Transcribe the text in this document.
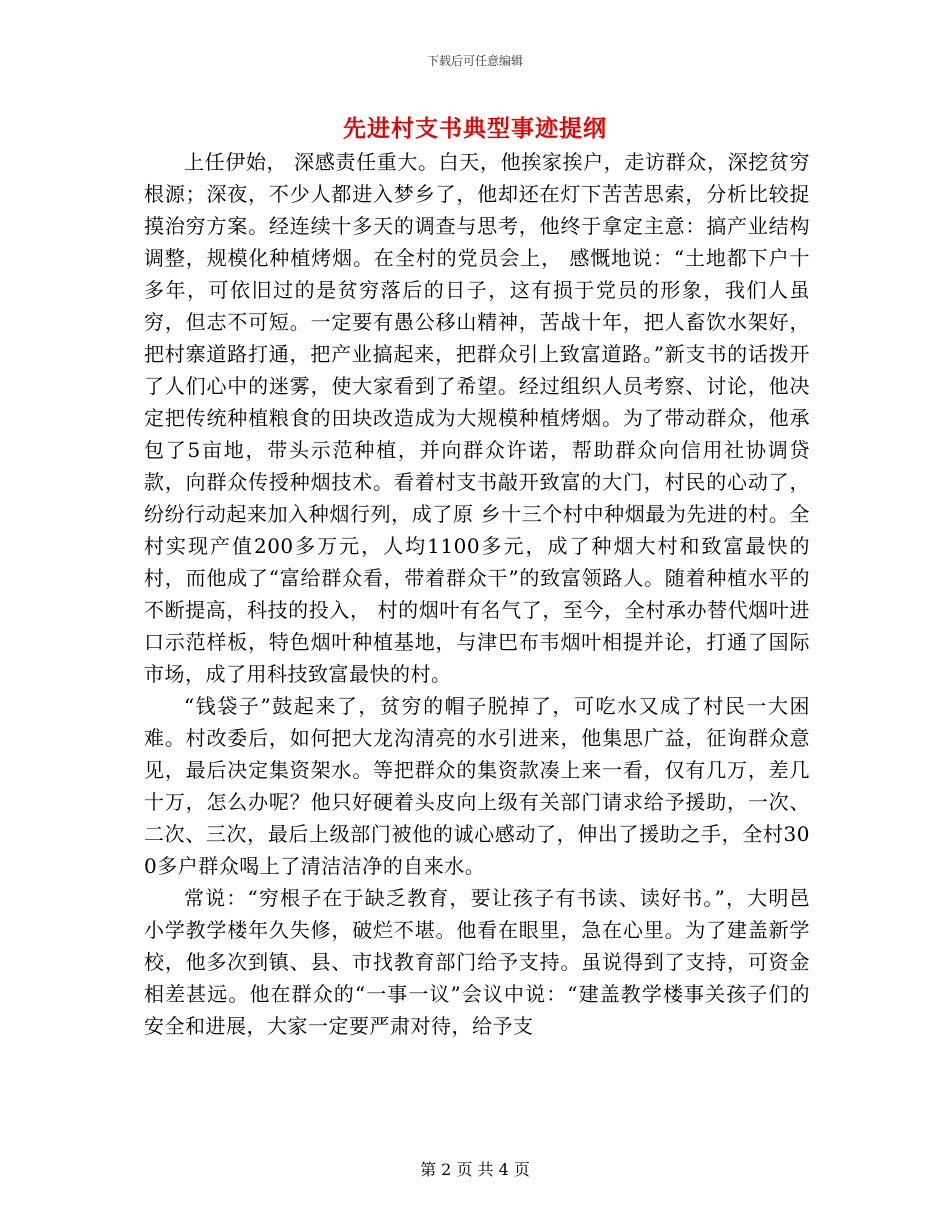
下载后可任意编辑
先进村支书典型事迹提纲

上任伊始， 深感责任重大。白天，他挨家挨户，走访群众，深挖贫穷根源；深夜，不少人都进入梦乡了，他却还在灯下苦苦思索，分析比较捉摸治穷方案。经连续十多天的调查与思考，他终于拿定主意：搞产业结构调整，规模化种植烤烟。在全村的党员会上， 感慨地说：“土地都下户十多年，可依旧过的是贫穷落后的日子，这有损于党员的形象，我们人虽穷，但志不可短。一定要有愚公移山精神，苦战十年，把人畜饮水架好，把村寨道路打通，把产业搞起来，把群众引上致富道路。”新支书的话拨开了人们心中的迷雾，使大家看到了希望。经过组织人员考察、讨论，他决定把传统种植粮食的田块改造成为大规模种植烤烟。为了带动群众，他承包了5亩地，带头示范种植，并向群众许诺，帮助群众向信用社协调贷款，向群众传授种烟技术。看着村支书敲开致富的大门，村民的心动了，纷纷行动起来加入种烟行列，成了原 乡十三个村中种烟最为先进的村。全村实现产值200多万元，人均1100多元，成了种烟大村和致富最快的村，而他成了“富给群众看，带着群众干”的致富领路人。随着种植水平的不断提高，科技的投入， 村的烟叶有名气了，至今，全村承办替代烟叶进口示范样板，特色烟叶种植基地，与津巴布韦烟叶相提并论，打通了国际市场，成了用科技致富最快的村。

“钱袋子”鼓起来了，贫穷的帽子脱掉了，可吃水又成了村民一大困难。村改委后，如何把大龙沟清亮的水引进来，他集思广益，征询群众意见，最后决定集资架水。等把群众的集资款凑上来一看，仅有几万，差几十万，怎么办呢？他只好硬着头皮向上级有关部门请求给予援助，一次、二次、三次，最后上级部门被他的诚心感动了，伸出了援助之手，全村300多户群众喝上了清洁洁净的自来水。

常说：“穷根子在于缺乏教育，要让孩子有书读、读好书。”，大明邑小学教学楼年久失修，破烂不堪。他看在眼里，急在心里。为了建盖新学校，他多次到镇、县、市找教育部门给予支持。虽说得到了支持，可资金相差甚远。他在群众的“一事一议”会议中说：“建盖教学楼事关孩子们的安全和进展，大家一定要严肃对待，给予支

第 2 页 共 4 页
